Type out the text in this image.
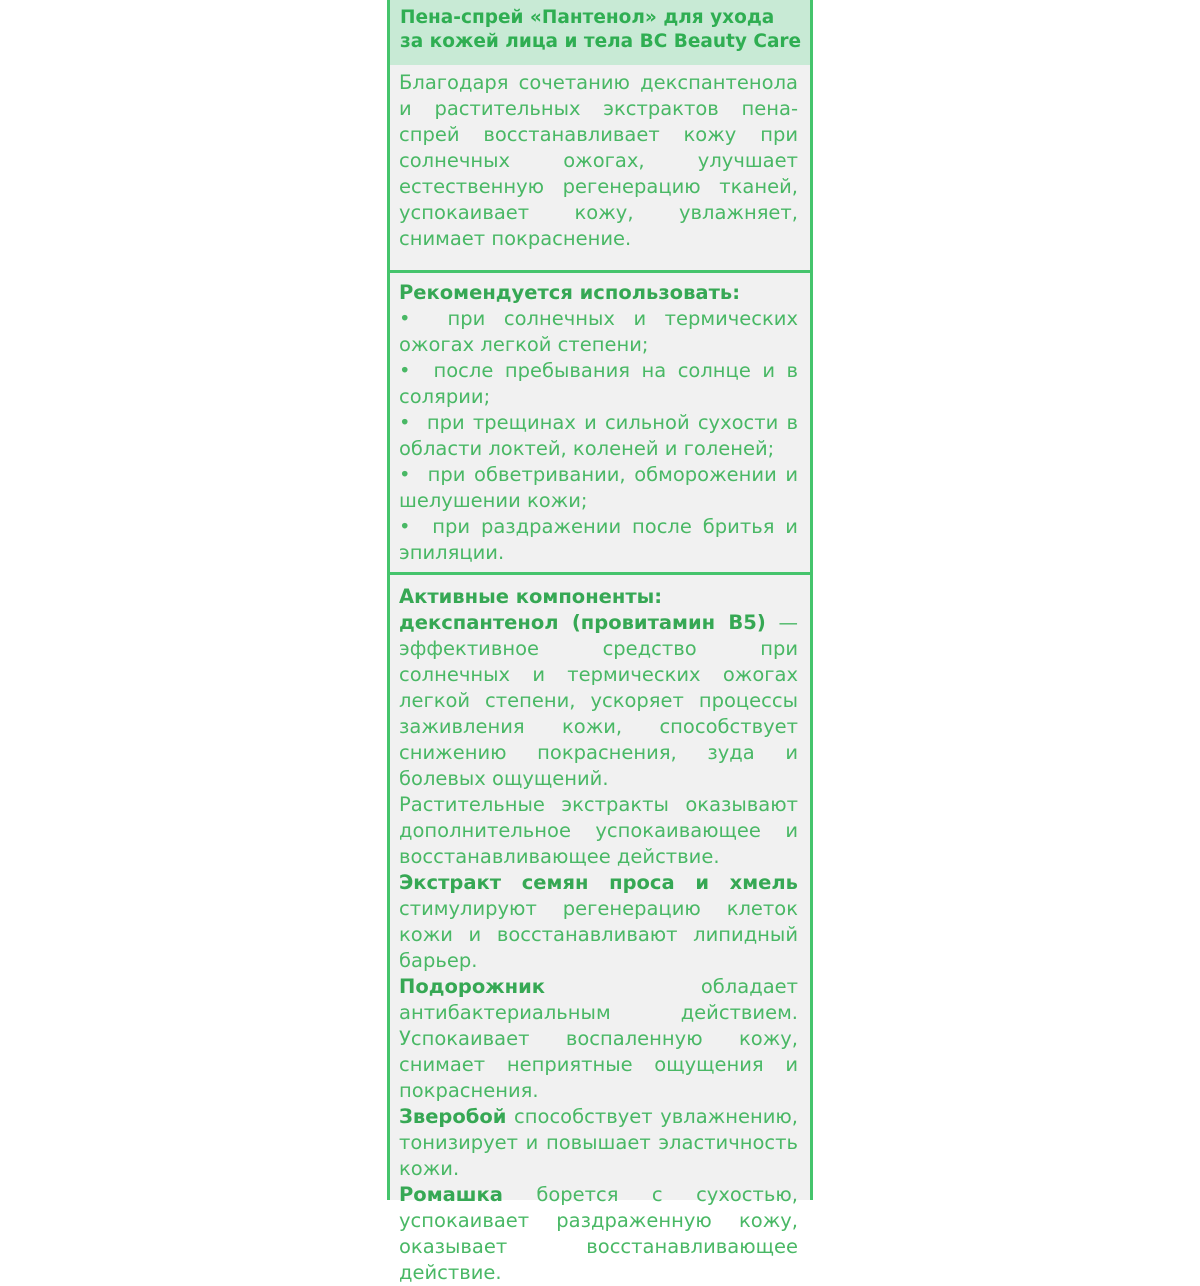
Пена-спрей «Пантенол» для ухода
за кожей лица и тела BC Beauty Care

Благодаря сочетанию декспантенола и растительных экстрактов пена-спрей восстанавливает кожу при солнечных ожогах, улучшает естественную регенерацию тканей, успокаивает кожу, увлажняет, снимает покраснение.

Рекомендуется использовать:

•  при солнечных и термических ожогах легкой степени;

•  после пребывания на солнце и в солярии;

•  при трещинах и сильной сухости в области локтей, коленей и голеней;

•  при обветривании, обморожении и шелушении кожи;

•  при раздражении после бритья и эпиляции.

Активные компоненты:

декспантенол (провитамин B5) — эффективное средство при солнечных и термических ожогах легкой степени, ускоряет процессы заживления кожи, способствует снижению покраснения, зуда и болевых ощущений.

Растительные экстракты оказывают дополнительное успокаивающее и восстанавливающее действие.

Экстракт семян проса и хмель стимулируют регенерацию клеток кожи и восстанавливают липидный барьер.

Подорожник обладает антибактериальным действием. Успокаивает воспаленную кожу, снимает неприятные ощущения и покраснения.

Зверобой способствует увлажнению, тонизирует и повышает эластичность кожи.

Ромашка борется с сухостью, успокаивает раздраженную кожу, оказывает восстанавливающее действие.
